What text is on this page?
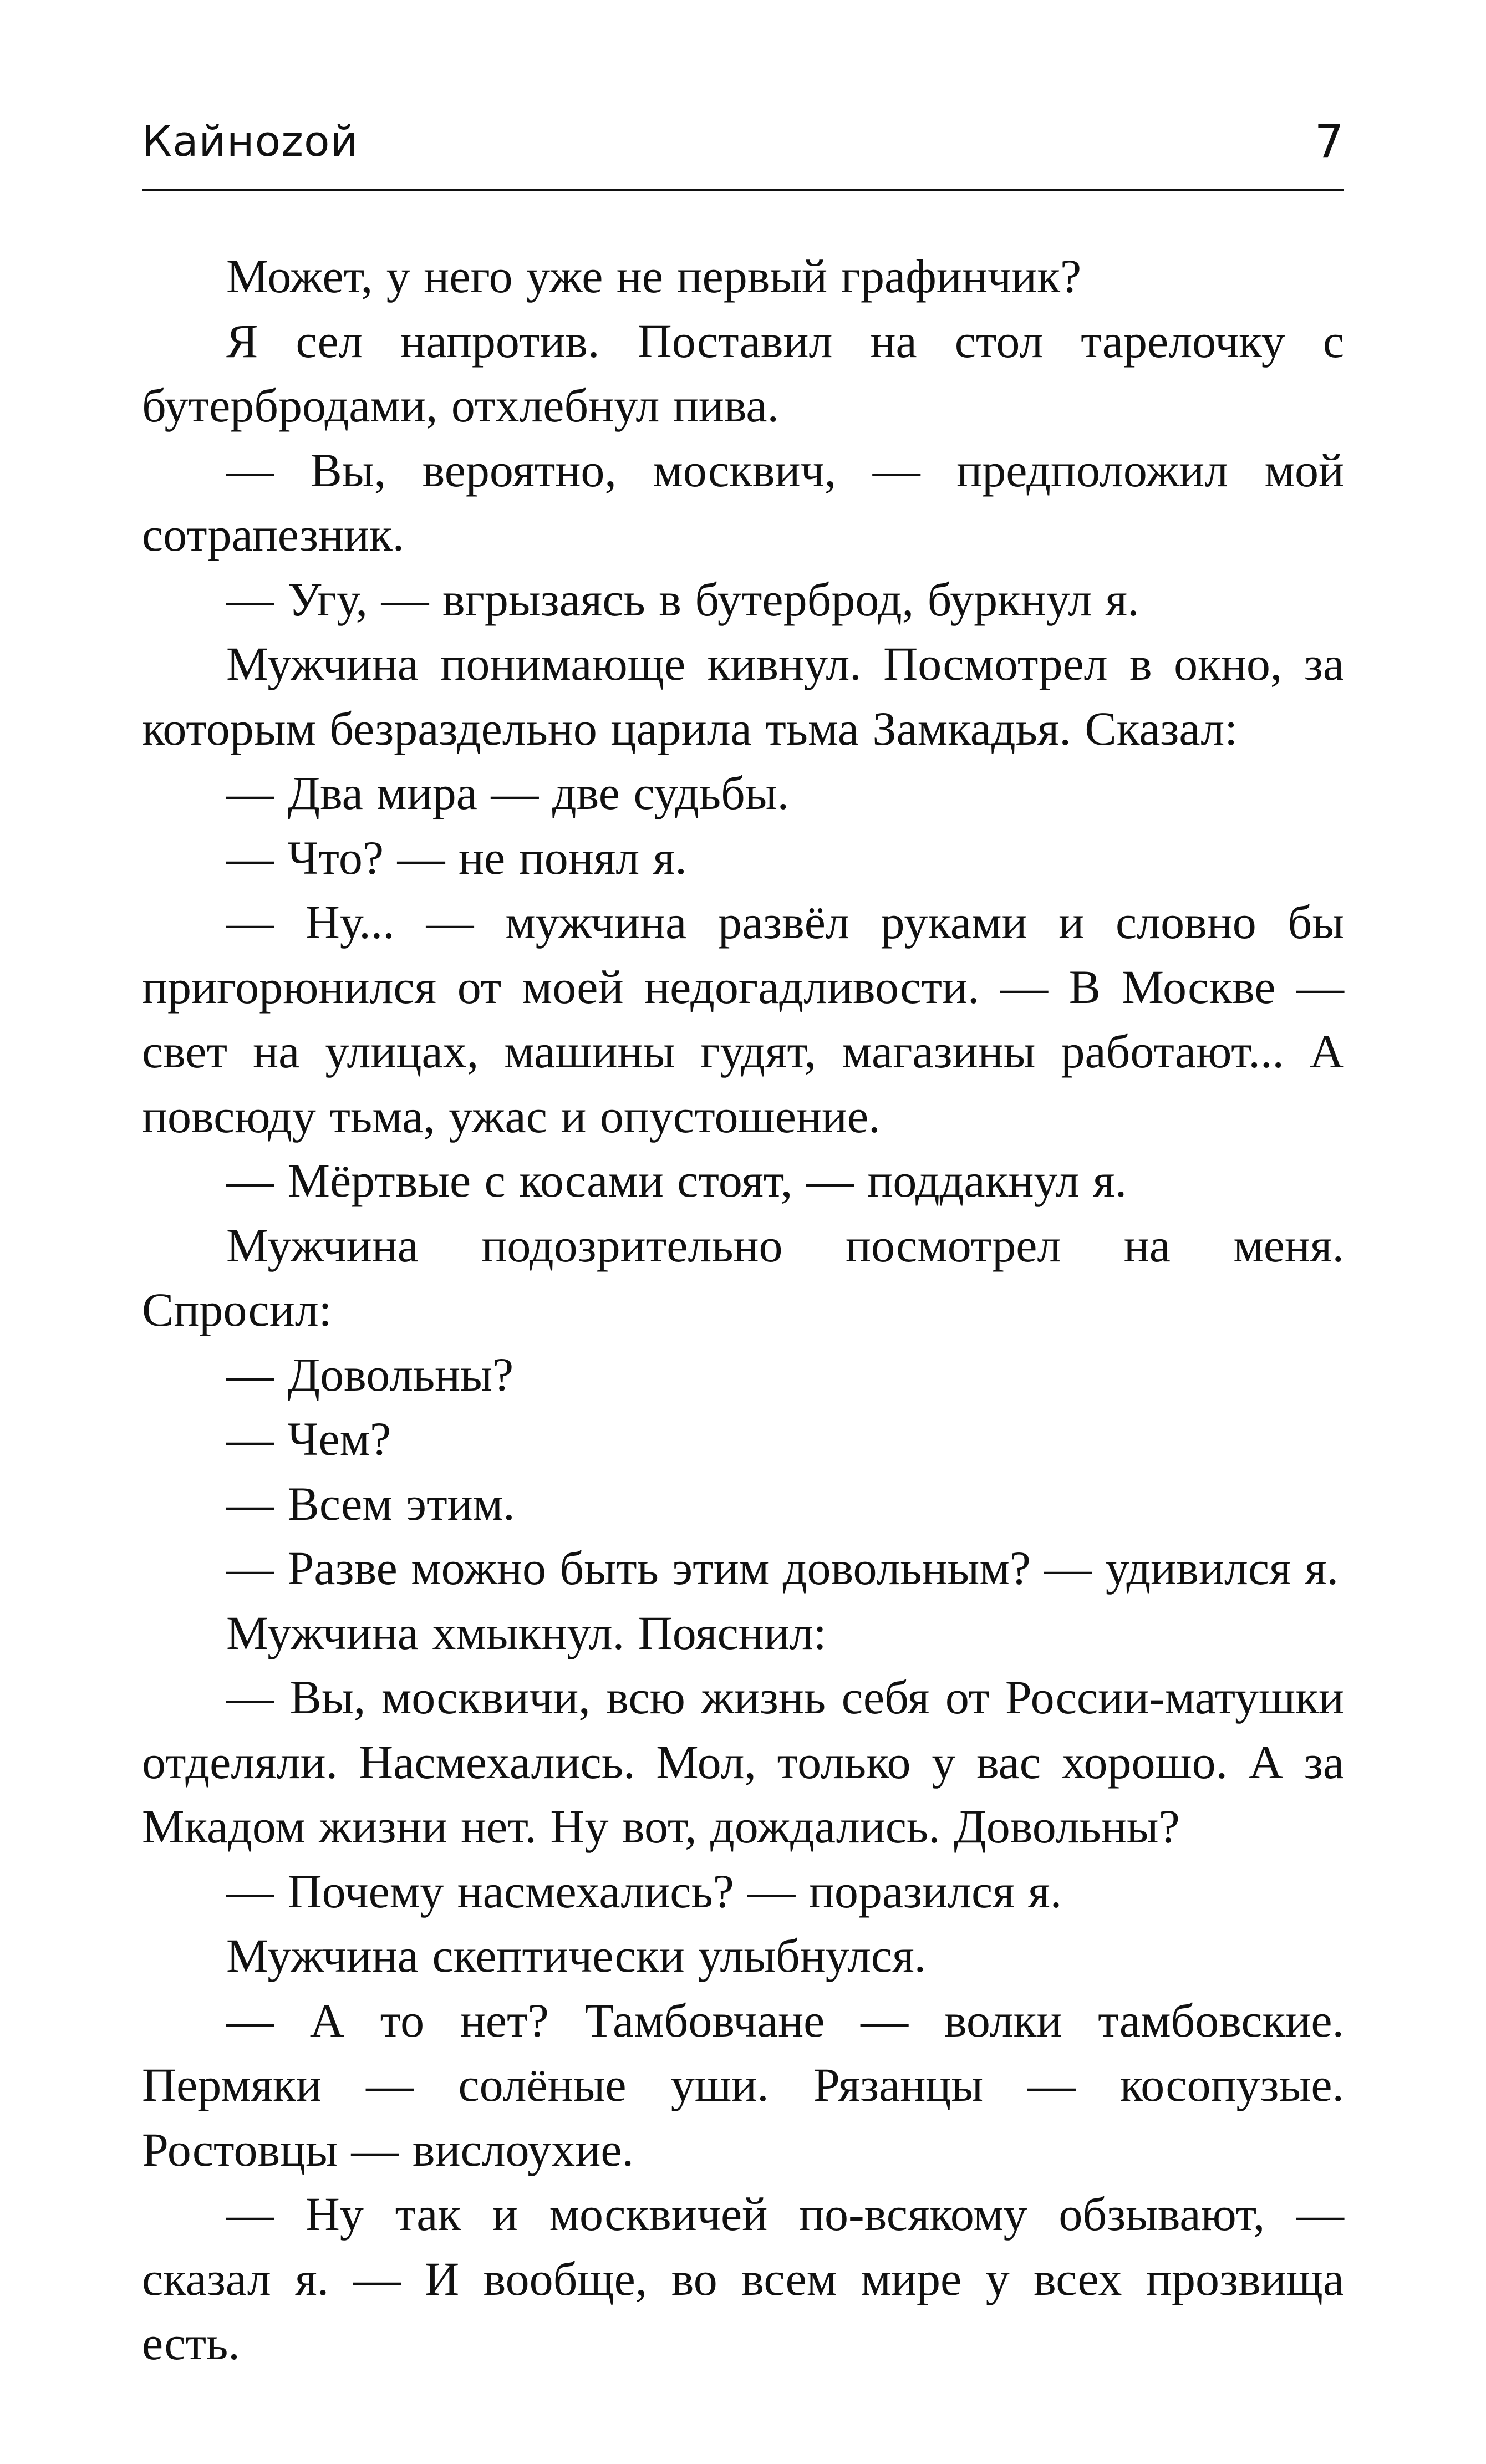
Кайнozой	7

Может, у него уже не первый графинчик?

Я сел напротив. Поставил на стол тарелочку с бутербродами, отхлебнул пива.

— Вы, вероятно, москвич, — предположил мой сотрапезник.

— Угу, — вгрызаясь в бутерброд, буркнул я.

Мужчина понимающе кивнул. Посмотрел в окно, за которым безраздельно царила тьма Замкадья. Сказал:

— Два мира — две судьбы.

— Что? — не понял я.

— Ну... — мужчина развёл руками и словно бы пригорюнился от моей недогадливости. — В Москве — свет на улицах, машины гудят, магазины работают... А повсюду тьма, ужас и опустошение.

— Мёртвые с косами стоят, — поддакнул я.

Мужчина подозрительно посмотрел на меня. Спросил:

— Довольны?

— Чем?

— Всем этим.

— Разве можно быть этим довольным? — удивился я.

Мужчина хмыкнул. Пояснил:

— Вы, москвичи, всю жизнь себя от России-матушки отделяли. Насмехались. Мол, только у вас хорошо. А за Мкадом жизни нет. Ну вот, дождались. Довольны?

— Почему насмехались? — поразился я.

Мужчина скептически улыбнулся.

— А то нет? Тамбовчане — волки тамбовские. Пермяки — солёные уши. Рязанцы — косопузые. Ростовцы — вислоухие.

— Ну так и москвичей по-всякому обзывают, — сказал я. — И вообще, во всем мире у всех прозвища есть.
